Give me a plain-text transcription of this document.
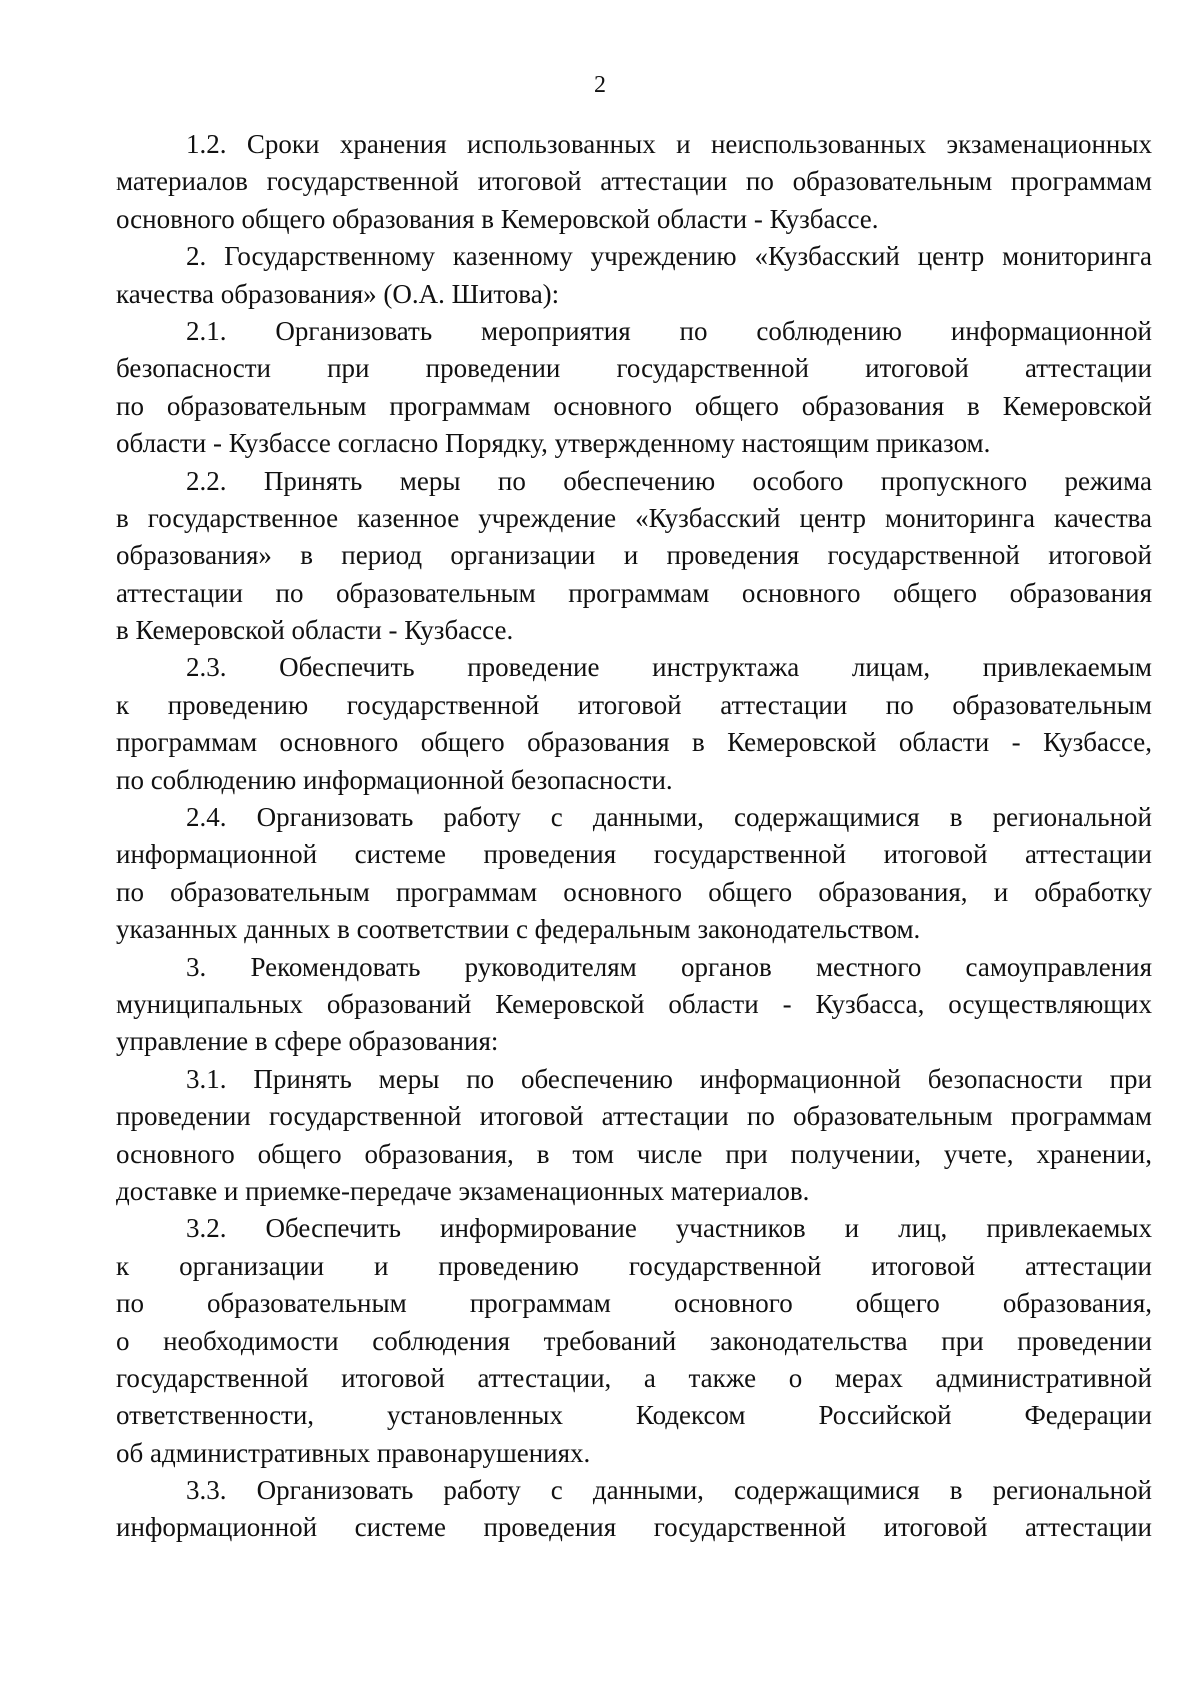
2
1.2. Сроки хранения использованных и неиспользованных экзаменационных
материалов государственной итоговой аттестации по образовательным программам
основного общего образования в Кемеровской области - Кузбассе.
2. Государственному казенному учреждению «Кузбасский центр мониторинга
качества образования» (О.А. Шитова):
2.1. Организовать мероприятия по соблюдению информационной
безопасности при проведении государственной итоговой аттестации
по образовательным программам основного общего образования в Кемеровской
области - Кузбассе согласно Порядку, утвержденному настоящим приказом.
2.2. Принять меры по обеспечению особого пропускного режима
в государственное казенное учреждение «Кузбасский центр мониторинга качества
образования» в период организации и проведения государственной итоговой
аттестации по образовательным программам основного общего образования
в Кемеровской области - Кузбассе.
2.3. Обеспечить проведение инструктажа лицам, привлекаемым
к проведению государственной итоговой аттестации по образовательным
программам основного общего образования в Кемеровской области - Кузбассе,
по соблюдению информационной безопасности.
2.4. Организовать работу с данными, содержащимися в региональной
информационной системе проведения государственной итоговой аттестации
по образовательным программам основного общего образования, и обработку
указанных данных в соответствии с федеральным законодательством.
3. Рекомендовать руководителям органов местного самоуправления
муниципальных образований Кемеровской области - Кузбасса, осуществляющих
управление в сфере образования:
3.1. Принять меры по обеспечению информационной безопасности при
проведении государственной итоговой аттестации по образовательным программам
основного общего образования, в том числе при получении, учете, хранении,
доставке и приемке-передаче экзаменационных материалов.
3.2. Обеспечить информирование участников и лиц, привлекаемых
к организации и проведению государственной итоговой аттестации
по образовательным программам основного общего образования,
о необходимости соблюдения требований законодательства при проведении
государственной итоговой аттестации, а также о мерах административной
ответственности, установленных Кодексом Российской Федерации
об административных правонарушениях.
3.3. Организовать работу с данными, содержащимися в региональной
информационной системе проведения государственной итоговой аттестации
